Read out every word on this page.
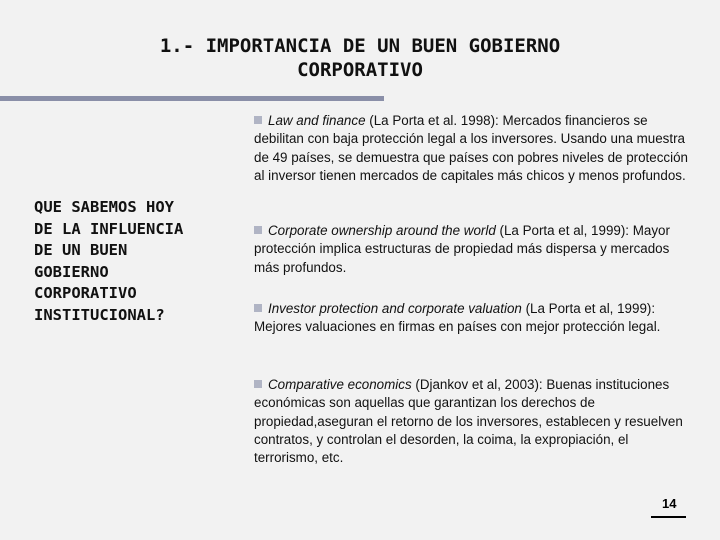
1.- IMPORTANCIA DE UN BUEN GOBIERNO
CORPORATIVO
QUE SABEMOS HOY
DE LA INFLUENCIA
DE UN BUEN
GOBIERNO
CORPORATIVO
INSTITUCIONAL?
Law and finance (La Porta et al. 1998): Mercados financieros se debilitan con baja protección legal a los inversores. Usando una muestra de 49 países, se demuestra que países con pobres niveles de protección al inversor tienen mercados de capitales más chicos y menos profundos.
Corporate ownership around the world (La Porta et al, 1999): Mayor protección implica estructuras de propiedad más dispersa y mercados más profundos.
Investor protection and corporate valuation (La Porta et al, 1999): Mejores valuaciones en firmas en países con mejor protección legal.
Comparative economics (Djankov et al, 2003): Buenas instituciones económicas son aquellas que garantizan los derechos de propiedad,aseguran el retorno de los inversores, establecen y resuelven contratos, y controlan el desorden, la coima, la expropiación, el terrorismo, etc.
14
